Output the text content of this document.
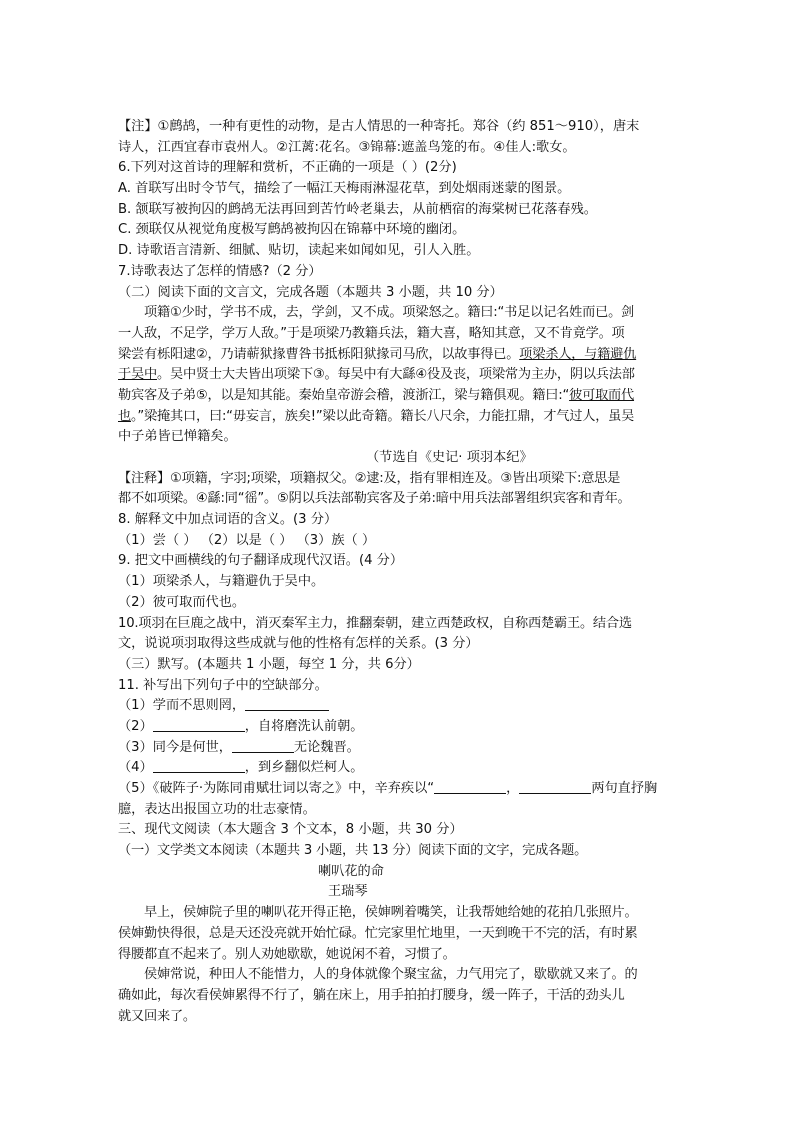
【注】①鹧鸪，一种有更性的动物，是古人情思的一种寄托。郑谷（约 851～910），唐末
诗人，江西宜春市袁州人。②江蓠:花名。③锦幕:遮盖鸟笼的布。④佳人:歌女。
6.下列对这首诗的理解和赏析，不正确的一项是（ ）(2分)
A. 首联写出时令节气，描绘了一幅江天梅雨淋湿花草，到处烟雨迷蒙的图景。
B. 颔联写被拘囚的鹧鸪无法再回到苦竹岭老巢去，从前栖宿的海棠树已花落春残。
C. 颈联仅从视觉角度极写鹧鸪被拘囚在锦幕中环境的幽闭。
D. 诗歌语言清新、细腻、贴切，读起来如闻如见，引人入胜。
7.诗歌表达了怎样的情感?（2 分）
（二）阅读下面的文言文，完成各题（本题共 3 小题，共 10 分）
项籍①少时，学书不成，去，学剑，又不成。项梁怒之。籍曰:“书足以记名姓而已。剑
一人敌，不足学，学万人敌。”于是项梁乃教籍兵法，籍大喜，略知其意，又不肯竟学。项
梁尝有栎阳逮②，乃请蕲狱掾曹咎书抵栎阳狱掾司马欣，以故事得已。项梁杀人，与籍避仇
于吴中。吴中贤士大夫皆出项梁下③。每吴中有大繇④役及丧，项梁常为主办，阴以兵法部
勒宾客及子弟⑤，以是知其能。秦始皇帝游会稽，渡浙江，梁与籍俱观。籍曰:“彼可取而代
也。”梁掩其口，曰:“毋妄言，族矣!”梁以此奇籍。籍长八尺余，力能扛鼎，才气过人，虽吴
中子弟皆已惮籍矣。
（节选自《史记· 项羽本纪》
【注释】①项籍，字羽;项梁，项籍叔父。②逮:及，指有罪相连及。③皆出项梁下:意思是
都不如项梁。④繇:同“徭”。⑤阴以兵法部勒宾客及子弟:暗中用兵法部署组织宾客和青年。
8. 解释文中加点词语的含义。(3 分）
（1）尝（ ） （2）以是（ ） （3）族（ ）
9. 把文中画横线的句子翻译成现代汉语。(4 分）
（1）项梁杀人，与籍避仇于吴中。
（2）彼可取而代也。
10.项羽在巨鹿之战中，消灭秦军主力，推翻秦朝，建立西楚政权，自称西楚霸王。结合选
文，说说项羽取得这些成就与他的性格有怎样的关系。(3 分）
（三）默写。(本题共 1 小题，每空 1 分，共 6分）
11. 补写出下列句子中的空缺部分。
（1）学而不思则罔，
（2）	，自将磨洗认前朝。
（3）同今是何世，	无论魏晋。
（4）	，到乡翻似烂柯人。
（5）《破阵子·为陈同甫赋壮词以寄之》中，辛弃疾以“	，	两句直抒胸
臆，表达出报国立功的壮志豪情。
三、现代文阅读（本大题含 3 个文本，8 小题，共 30 分）
（一）文学类文本阅读（本题共 3 小题，共 13 分）阅读下面的文字，完成各题。
喇叭花的命
王瑞琴
早上，侯婶院子里的喇叭花开得正艳，侯婶咧着嘴笑，让我帮她给她的花拍几张照片。
侯婶勤快得很，总是天还没亮就开始忙碌。忙完家里忙地里，一天到晚干不完的活，有时累
得腰都直不起来了。别人劝她歇歇，她说闲不着，习惯了。
侯婶常说，种田人不能惜力，人的身体就像个聚宝盆，力气用完了，歇歇就又来了。的
确如此，每次看侯婶累得不行了，躺在床上，用手拍拍打腰身，缓一阵子，干活的劲头儿
就又回来了。
